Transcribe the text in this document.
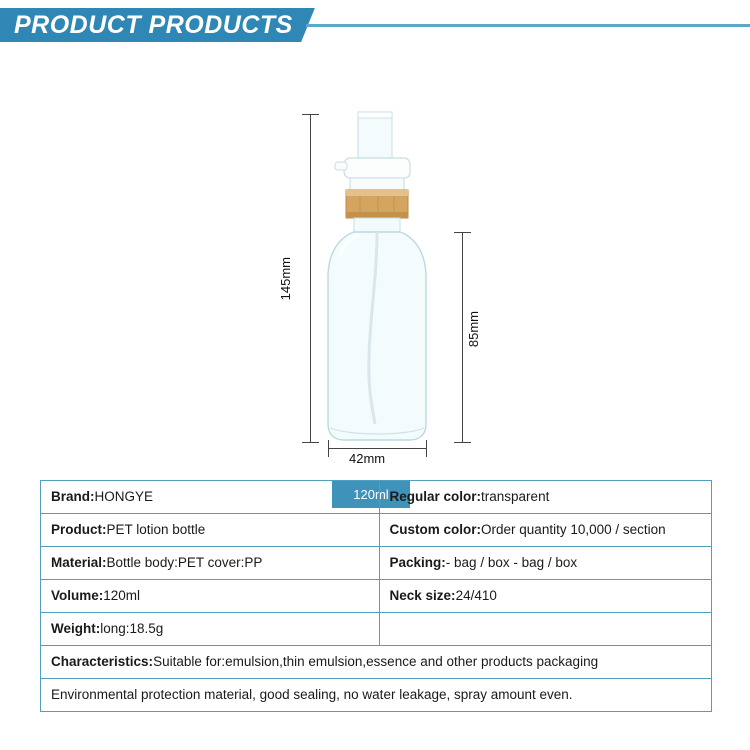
PRODUCT PRODUCTS
145mm
85mm
42mm
120ml
Brand:HONGYE	Regular color:transparent
Product:PET lotion bottle	Custom color:Order quantity 10,000 / section
Material:Bottle body:PET cover:PP	Packing:- bag / box - bag / box
Volume:120ml	Neck size:24/410
Weight:long:18.5g	
Characteristics:Suitable for:emulsion,thin emulsion,essence and other products packaging	
Environmental protection material, good sealing, no water leakage, spray amount even.	
